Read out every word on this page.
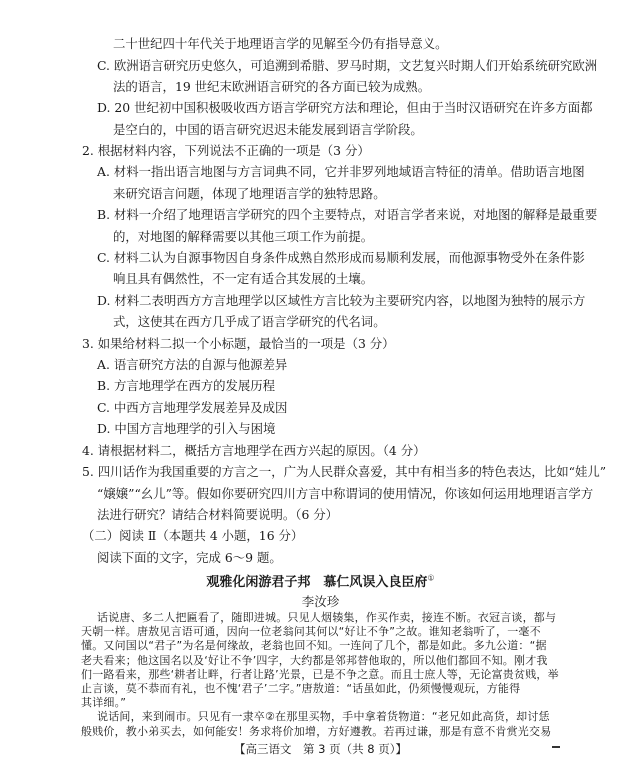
二十世纪四十年代关于地理语言学的见解至今仍有指导意义。
C. 欧洲语言研究历史悠久，可追溯到希腊、罗马时期，文艺复兴时期人们开始系统研究欧洲
法的语言，19 世纪末欧洲语言研究的各方面已较为成熟。
D. 20 世纪初中国积极吸收西方语言学研究方法和理论，但由于当时汉语研究在许多方面都
是空白的，中国的语言研究迟迟未能发展到语言学阶段。
2. 根据材料内容，下列说法不正确的一项是（3 分）
A. 材料一指出语言地图与方言词典不同，它并非罗列地域语言特征的清单。借助语言地图
来研究语言问题，体现了地理语言学的独特思路。
B. 材料一介绍了地理语言学研究的四个主要特点，对语言学者来说，对地图的解释是最重要
的，对地图的解释需要以其他三项工作为前提。
C. 材料二认为自源事物因自身条件成熟自然形成而易顺利发展，而他源事物受外在条件影
响且具有偶然性，不一定有适合其发展的土壤。
D. 材料二表明西方方言地理学以区域性方言比较为主要研究内容，以地图为独特的展示方
式，这使其在西方几乎成了语言学研究的代名词。
3. 如果给材料二拟一个小标题，最恰当的一项是（3 分）
A. 语言研究方法的自源与他源差异
B. 方言地理学在西方的发展历程
C. 中西方言地理学发展差异及成因
D. 中国方言地理学的引入与困境
4. 请根据材料二，概括方言地理学在西方兴起的原因。（4 分）
5. 四川话作为我国重要的方言之一，广为人民群众喜爱，其中有相当多的特色表达，比如“娃儿”
“嬢嬢”“幺儿”等。假如你要研究四川方言中称谓词的使用情况，你该如何运用地理语言学方
法进行研究？请结合材料简要说明。（6 分）
（二）阅读 Ⅱ（本题共 4 小题，16 分）
阅读下面的文字，完成 6～9 题。
观雅化闲游君子邦　慕仁风误入良臣府①
李汝珍
【高三语文　第 3 页（共 8 页）】
话说唐、多二人把匾看了，随即进城。只见人烟辏集，作买作卖，接连不断。衣冠言谈，都与
天朝一样。唐敖见言语可通，因向一位老翁问其何以“好让不争”之故。谁知老翁听了，一毫不
懂。又问国以“君子”为名是何缘故，老翁也回不知。一连问了几个，都是如此。多九公道：“据
老夫看来；他这国名以及‘好让不争’四字，大约都是邻邦替他取的，所以他们都回不知。刚才我
们一路看来，那些‘耕者让畔，行者让路’光景，已是不争之意。而且士庶人等，无论富贵贫贱，举
止言谈，莫不恭而有礼，也不愧‘君子’二字。”唐敖道：“话虽如此，仍须慢慢观玩，方能得
其详细。”
说话间，来到闹市。只见有一隶卒②在那里买物，手中拿着货物道：“老兄如此高货，却讨恁
般贱价，教小弟买去，如何能安！务求将价加增，方好遵教。若再过谦，那是有意不肯赏光交易
